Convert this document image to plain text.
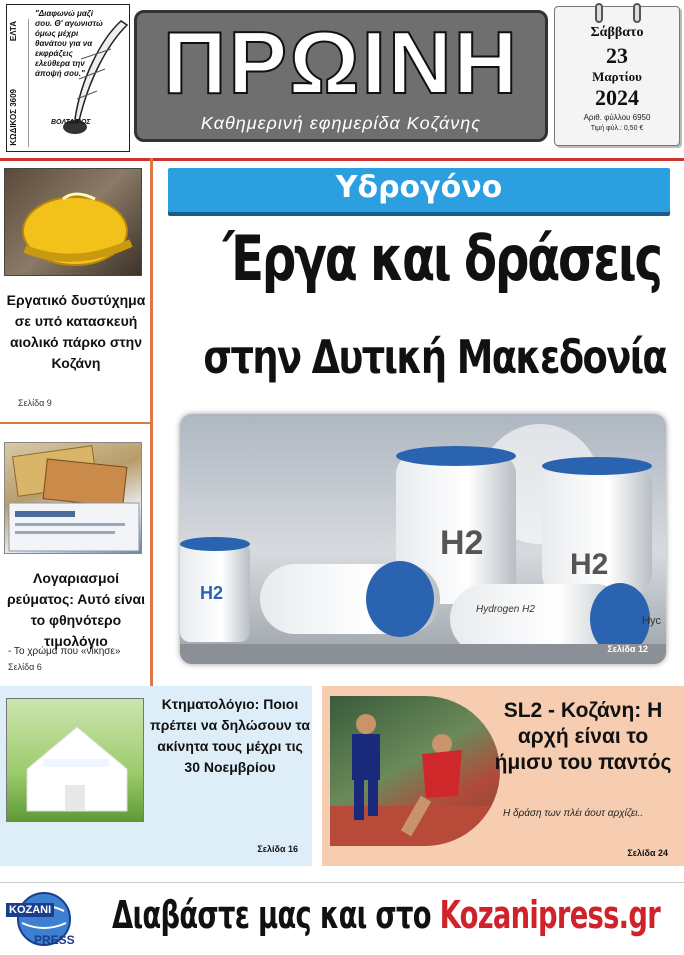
ΕΛΤΑ
ΚΩΔΙΚΟΣ 3609
"Διαφωνώ μαζί σου. Θ' αγωνιστώ όμως μέχρι θανάτου για να εκφράζεις ελεύθερα την άποψή σου."
ΒΟΛΤΑΙΡΟΣ
ΠΡΩΙΝΗ
Καθημερινή εφημερίδα Κοζάνης
Σάββατο
23
Μαρτίου
2024
Αριθ. φύλλου 6950
Τιμή φύλ.: 0,50 €
Εργατικό δυστύχημα σε υπό κατασκευή αιολικό πάρκο στην Κοζάνη
Σελίδα 9
Λογαριασμοί ρεύματος: Αυτό είναι το φθηνότερο τιμολόγιο
- Το χρώμα που «νίκησε»
Σελίδα 6
Υδρογόνο
Έργα και δράσεις
στην Δυτική Μακεδονία
H2
H2
H2
Hydrogen H2
Hyc
Σελίδα 12
Κτηματολόγιο: Ποιοι πρέπει να δηλώσουν τα ακίνητα τους μέχρι τις 30 Νοεμβρίου
Σελίδα 16
SL2 - Κοζάνη: Η αρχή είναι το ήμισυ του παντός
Η δράση των πλέι άουτ αρχίζει..
Σελίδα 24
KOZANI
PRESS
Διαβάστε μας και στο Kozanipress.gr
